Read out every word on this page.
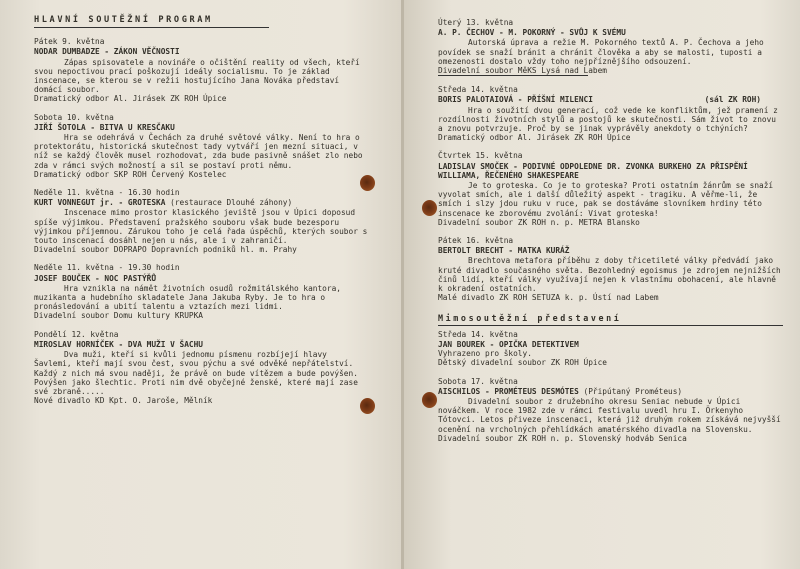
HLAVNÍ SOUTĚŽNÍ PROGRAM
Pátek 9. května
NODAR DUMBADZE - ZÁKON VĚČNOSTI
Zápas spisovatele a novináře o očištění reality od všech, kteří svou nepoctivou prací poškozují ideály socialismu. To je základ inscenace, se kterou se v režii hostujícího Jana Nováka představí domácí soubor.
Dramatický odbor Al. Jirásek ZK ROH Úpice
Sobota 10. května
JIŘÍ ŠOTOLA - BITVA U KRESČAKU
Hra se odehrává v Čechách za druhé světové války. Není to hra o protektorátu, historická skutečnost tady vytváří jen mezní situaci, v níž se každý člověk musel rozhodovat, zda bude pasivně snášet zlo nebo zda v rámci svých možností a sil se postaví proti němu.
Dramatický odbor SKP ROH Červený Kostelec
Neděle 11. května - 16.30 hodin
KURT VONNEGUT jr. - GROTESKA (restaurace Dlouhé záhony)
Inscenace mimo prostor klasického jeviště jsou v Úpici doposud spíše výjimkou. Představení pražského souboru však bude bezesporu výjimkou příjemnou. Zárukou toho je celá řada úspěchů, kterých soubor s touto inscenací dosáhl nejen u nás, ale i v zahraničí.
Divadelní soubor DOPRAPO Dopravních podniků hl. m. Prahy
Neděle 11. května - 19.30 hodin
JOSEF BOUČEK - NOC PASTÝŘŮ
Hra vznikla na námět životních osudů rožmitálského kantora, muzikanta a hudebního skladatele Jana Jakuba Ryby. Je to hra o pronásledování a ubití talentu a vztazích mezi lidmi.
Divadelní soubor Domu kultury KRUPKA
Pondělí 12. května
MIROSLAV HORNÍČEK - DVA MUŽI V ŠACHU
Dva muži, kteří si kvůli jednomu písmenu rozbíjejí hlavy Šavlemi, kteří mají svou čest, svou pýchu a své odvěké nepřátelství. Každý z nich má svou naději, že právě on bude vítězem a bude povýšen. Povýšen jako šlechtic. Proti nim dvě obyčejné ženské, které mají zase své zbraně.....
Nové divadlo KD Kpt. O. Jaroše, Mělník
Úterý 13. května
A. P. ČECHOV - M. POKORNÝ - SVŮJ K SVÉMU
Autorská úprava a režie M. Pokorného textů A. P. Čechova a jeho povídek se snaží bránit a chránit člověka a aby se malosti, tuposti a omezenosti dostalo vždy toho nejpříznějšího odsouzení.
Divadelní soubor MěKS Lysá nad Labem
Středa 14. května
BORIS PALOTAIOVÁ - PŘÍŠNÍ MILENCI	(sál ZK ROH)
Hra o soužití dvou generací, což vede ke konfliktům, jež pramení z rozdílnosti životních stylů a postojů ke skutečnosti. Sám život to znovu a znovu potvrzuje. Proč by se jinak vyprávěly anekdoty o tchýních?
Dramatický odbor Al. Jirásek ZK ROH Úpice
Čtvrtek 15. května
LADISLAV SMOČEK - PODIVNÉ ODPOLEDNE DR. ZVONKA BURKEHO ZA PŘISPĚNÍ WILLIAMA, ŘEČENÉHO SHAKESPEARE
Je to groteska. Co je to groteska? Proti ostatním žánrům se snaží vyvolat smích, ale i další důležitý aspekt - tragiku. A věřme-li, že smích i slzy jdou ruku v ruce, pak se dostáváme slovníkem hrdiny této inscenace ke zborovému zvolání: Vivat groteska!
Divadelní soubor ZK ROH n. p. METRA Blansko
Pátek 16. května
BERTOLT BRECHT - MATKA KURÁŽ
Brechtova metafora příběhu z doby třicetileté války předvádí jako kruté divadlo současného světa. Bezohledný egoismus je zdrojem nejnižších činů lidí, kteří války využívají nejen k vlastnímu obohacení, ale hlavně k okradení ostatních.
Malé divadlo ZK ROH SETUZA k. p. Ústí nad Labem
Mimosoutěžní představení
Středa 14. května
JAN BOUREK - OPIČKA DETEKTIVEM
Vyhrazeno pro školy.
Dětský divadelní soubor ZK ROH Úpice
Sobota 17. května
AISCHILOS - PROMÉTEUS DESMÓTES (Připútaný Prométeus)
Divadelní soubor z družebního okresu Seniac nebude v Úpici nováčkem. V roce 1982 zde v rámci festivalu uvedl hru I. Örkenyho Tótovci. Letos přiveze inscenaci, která již druhým rokem získává nejvyšší ocenění na vrcholných přehlídkách amatérského divadla na Slovensku.
Divadelní soubor ZK ROH n. p. Slovenský hodváb Senica
